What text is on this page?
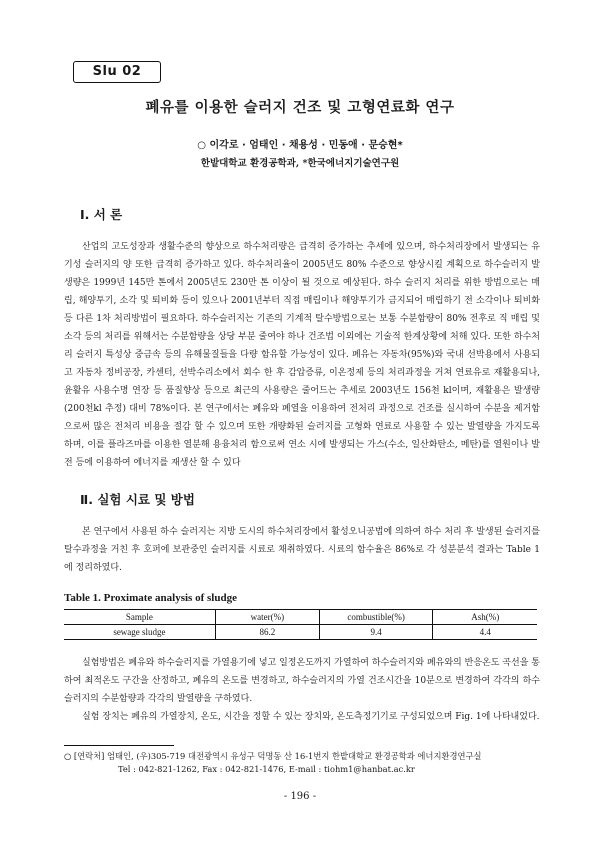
Slu 02
폐유를 이용한 슬러지 건조 및 고형연료화 연구
○ 이각로 · 엄태인 · 채용성 · 민동애 · 문승현*
한밭대학교 환경공학과, *한국에너지기술연구원
Ⅰ. 서 론

산업의 고도성장과 생활수준의 향상으로 하수처리량은 급격히 증가하는 추세에 있으며, 하수처리장에서 발생되는 유기성 슬러지의 양 또한 급격히 증가하고 있다. 하수처리율이 2005년도 80% 수준으로 향상시킬 계획으로 하수슬러지 발생량은 1999년 145만 톤에서 2005년도 230만 톤 이상이 될 것으로 예상된다. 하수 슬러지 처리를 위한 방법으로는 매립, 해양투기, 소각 및 퇴비화 등이 있으나 2001년부터 직접 매립이나 해양투기가 금지되어 매립하기 전 소각이나 퇴비화 등 다른 1차 처리방법이 필요하다. 하수슬러지는 기존의 기계적 탈수방법으로는 보통 수분함량이 80% 전후로 직 매립 및 소각 등의 처리를 위해서는 수분함량을 상당 부분 줄여야 하나 건조법 이외에는 기술적 한계상황에 처해 있다. 또한 하수처리 슬러지 특성상 중금속 등의 유해물질들을 다량 함유할 가능성이 있다. 폐유는 자동차(95%)와 국내 선박용에서 사용되고 자동차 정비공장, 카센터, 선박수리소에서 회수 한 후 감압증류, 이온정제 등의 처리과정을 거쳐 연료유로 재활용되나, 윤활유 사용수명 연장 등 품질향상 등으로 최근의 사용량은 줄어드는 추세로 2003년도 156천 kl이며, 재활용은 발생량(200천kl 추정) 대비 78%이다. 본 연구에서는 폐유와 폐열을 이용하여 전처리 과정으로 건조를 실시하여 수분을 제거함으로써 많은 전처리 비용을 절감 할 수 있으며 또한 개량화된 슬러지를 고형화 연료로 사용할 수 있는 발열량을 가지도록 하며, 이를 플라즈마를 이용한 열분해 용융처리 함으로써 연소 시에 발생되는 가스(수소, 일산화탄소, 메탄)를 열원이나 발전 등에 이용하여 에너지를 재생산 할 수 있다

Ⅱ. 실험 시료 및 방법

본 연구에서 사용된 하수 슬러지는 지방 도시의 하수처리장에서 활성오니공법에 의하여 하수 처리 후 발생된 슬러지를 탈수과정을 거친 후 호퍼에 보관중인 슬러지를 시료로 채취하였다. 시료의 함수율은 86%로 각 성분분석 결과는 Table 1에 정리하였다.

Table 1. Proximate analysis of sludge
Sample	water(%)	combustible(%)	Ash(%)
sewage sludge	86.2	9.4	4.4

실험방법은 폐유와 하수슬러지를 가열용기에 넣고 일정온도까지 가열하여 하수슬러지와 폐유와의 반응온도 곡선을 통하여 최적온도 구간을 산정하고, 폐유의 온도를 변경하고, 하수슬러지의 가열 건조시간을 10분으로 변경하여 각각의 하수슬러지의 수분함량과 각각의 발열량을 구하였다.

실험 장치는 폐유의 가열장치, 온도, 시간을 정할 수 있는 장치와, 온도측정기기로 구성되었으며 Fig. 1에 나타내었다.

○ [연락처] 엄태인, (우)305-719 대전광역시 유성구 덕명동 산 16-1번지 한밭대학교 환경공학과 에너지환경연구실
Tel : 042-821-1262, Fax : 042-821-1476, E-mail : tiohm1@hanbat.ac.kr
- 196 -
